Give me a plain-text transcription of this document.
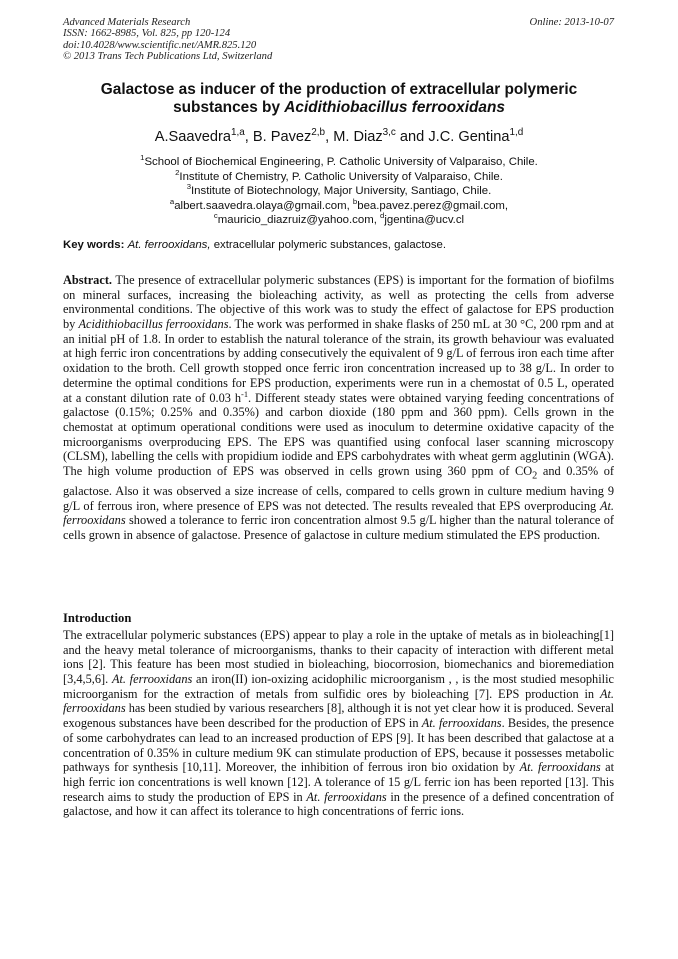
Advanced Materials Research
ISSN: 1662-8985, Vol. 825, pp 120-124
doi:10.4028/www.scientific.net/AMR.825.120
© 2013 Trans Tech Publications Ltd, Switzerland
Online: 2013-10-07
Galactose as inducer of the production of extracellular polymeric
substances by Acidithiobacillus ferrooxidans
A.Saavedra$^{1,a}$, B. Pavez$^{2,b}$, M. Diaz$^{3,c}$ and J.C. Gentina$^{1,d}$
$^1$School of Biochemical Engineering, P. Catholic University of Valparaiso, Chile.
$^2$Institute of Chemistry, P. Catholic University of Valparaiso, Chile.
$^3$Institute of Biotechnology, Major University, Santiago, Chile.
$^a$albert.saavedra.olaya@gmail.com, $^b$bea.pavez.perez@gmail.com,
$^c$mauricio_diazruiz@yahoo.com, $^d$jgentina@ucv.cl
Key words: At. ferrooxidans, extracellular polymeric substances, galactose.

Abstract. The presence of extracellular polymeric substances (EPS) is important for the formation of biofilms on mineral surfaces, increasing the bioleaching activity, as well as protecting the cells from adverse environmental conditions. The objective of this work was to study the effect of galactose for EPS production by Acidithiobacillus ferrooxidans. The work was performed in shake flasks of 250 mL at 30 °C, 200 rpm and at an initial pH of 1.8. In order to establish the natural tolerance of the strain, its growth behaviour was evaluated at high ferric iron concentrations by adding consecutively the equivalent of 9 g/L of ferrous iron each time after oxidation to the broth. Cell growth stopped once ferric iron concentration increased up to 38 g/L. In order to determine the optimal conditions for EPS production, experiments were run in a chemostat of 0.5 L, operated at a constant dilution rate of 0.03 $h^{-1}$. Different steady states were obtained varying feeding concentrations of galactose (0.15%; 0.25% and 0.35%) and carbon dioxide (180 ppm and 360 ppm). Cells grown in the chemostat at optimum operational conditions were used as inoculum to determine oxidative capacity of the microorganisms overproducing EPS. The EPS was quantified using confocal laser scanning microscopy (CLSM), labelling the cells with propidium iodide and EPS carbohydrates with wheat germ agglutinin (WGA). The high volume production of EPS was observed in cells grown using 360 ppm of $CO_2$ and 0.35% of galactose. Also it was observed a size increase of cells, compared to cells grown in culture medium having 9 g/L of ferrous iron, where presence of EPS was not detected. The results revealed that EPS overproducing At. ferrooxidans showed a tolerance to ferric iron concentration almost 9.5 g/L higher than the natural tolerance of cells grown in absence of galactose. Presence of galactose in culture medium stimulated the EPS production.

Introduction

The extracellular polymeric substances (EPS) appear to play a role in the uptake of metals as in bioleaching[1] and the heavy metal tolerance of microorganisms, thanks to their capacity of interaction with different metal ions [2]. This feature has been most studied in bioleaching, biocorrosion, biomechanics and bioremediation [3,4,5,6]. At. ferrooxidans an iron(II) ion-oxizing acidophilic microorganism , , is the most studied mesophilic microorganism for the extraction of metals from sulfidic ores by bioleaching [7]. EPS production in At. ferrooxidans has been studied by various researchers [8], although it is not yet clear how it is produced. Several exogenous substances have been described for the production of EPS in At. ferrooxidans. Besides, the presence of some carbohydrates can lead to an increased production of EPS [9]. It has been described that galactose at a concentration of 0.35% in culture medium 9K can stimulate production of EPS, because it possesses metabolic pathways for synthesis [10,11]. Moreover, the inhibition of ferrous iron bio oxidation by At. ferrooxidans at high ferric ion concentrations is well known [12]. A tolerance of 15 g/L ferric ion has been reported [13]. This research aims to study the production of EPS in At. ferrooxidans in the presence of a defined concentration of galactose, and how it can affect its tolerance to high concentrations of ferric ions.
